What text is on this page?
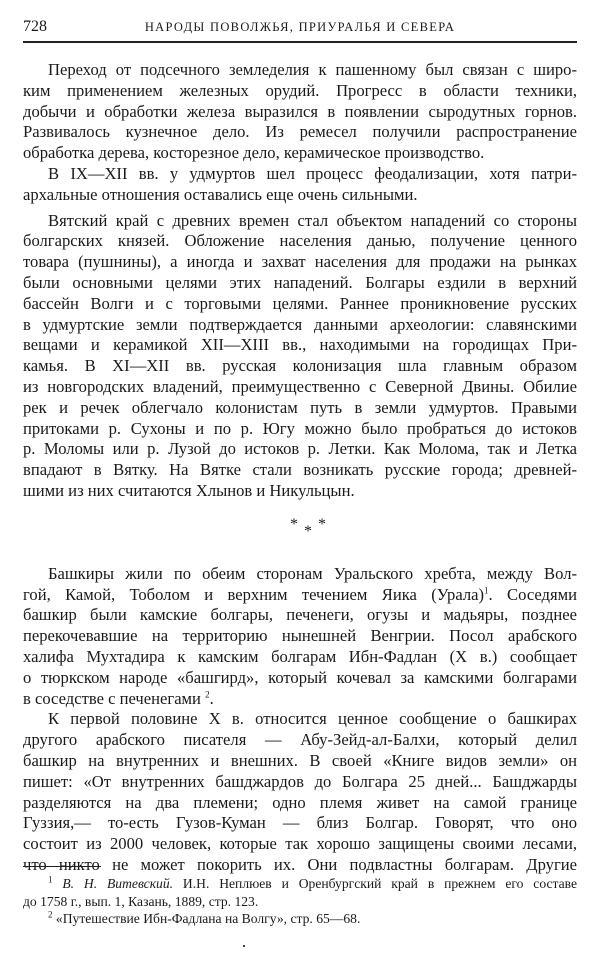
728	НАРОДЫ ПОВОЛЖЬЯ, ПРИУРАЛЬЯ И СЕВЕРА
Переход от подсечного земледелия к пашенному был связан с широ-
ким применением железных орудий. Прогресс в области техники,
добычи и обработки железа выразился в появлении сыродутных горнов.
Развивалось кузнечное дело. Из ремесел получили распространение
обработка дерева, косторезное дело, керамическое производство.
В IX—XII вв. у удмуртов шел процесс феодализации, хотя патри-
архальные отношения оставались еще очень сильными.
Вятский край с древних времен стал объектом нападений со стороны
болгарских князей. Обложение населения данью, получение ценного
товара (пушнины), а иногда и захват населения для продажи на рынках
были основными целями этих нападений. Болгары ездили в верхний
бассейн Волги и с торговыми целями. Раннее проникновение русских
в удмуртские земли подтверждается данными археологии: славянскими
вещами и керамикой XII—XIII вв., находимыми на городищах При-
камья. В XI—XII вв. русская колонизация шла главным образом
из новгородских владений, преимущественно с Северной Двины. Обилие
рек и речек облегчало колонистам путь в земли удмуртов. Правыми
притоками р. Сухоны и по р. Югу можно было пробраться до истоков
р. Моломы или р. Лузой до истоков р. Летки. Как Молома, так и Летка
впадают в Вятку. На Вятке стали возникать русские города; древней-
шими из них считаются Хлынов и Никульцын.
* * *
Башкиры жили по обеим сторонам Уральского хребта, между Вол-
гой, Камой, Тоболом и верхним течением Яика (Урала)$^1$. Соседями
башкир были камские болгары, печенеги, огузы и мадьяры, позднее
перекочевавшие на территорию нынешней Венгрии. Посол арабского
халифа Мухтадира к камским болгарам Ибн-Фадлан (X в.) сообщает
о тюркском народе «башгирд», который кочевал за камскими болгарами
в соседстве с печенегами $^2$.
К первой половине X в. относится ценное сообщение о башкирах
другого арабского писателя — Абу-Зейд-ал-Балхи, который делил
башкир на внутренних и внешних. В своей «Книге видов земли» он
пишет: «От внутренних башджардов до Болгара 25 дней... Башджарды
разделяются на два племени; одно племя живет на самой границе
Гуззия,— то-есть Гузов-Куман — близ Болгар. Говорят, что оно
состоит из 2000 человек, которые так хорошо защищены своими лесами,
что никто не может покорить их. Они подвластны болгарам. Другие
$^1$ В. Н. Витевский. И.Н. Неплюев и Оренбургский край в прежнем его составе
до 1758 г., вып. 1, Казань, 1889, стр. 123.
$^2$ «Путешествие Ибн-Фадлана на Волгу», стр. 65—68.
